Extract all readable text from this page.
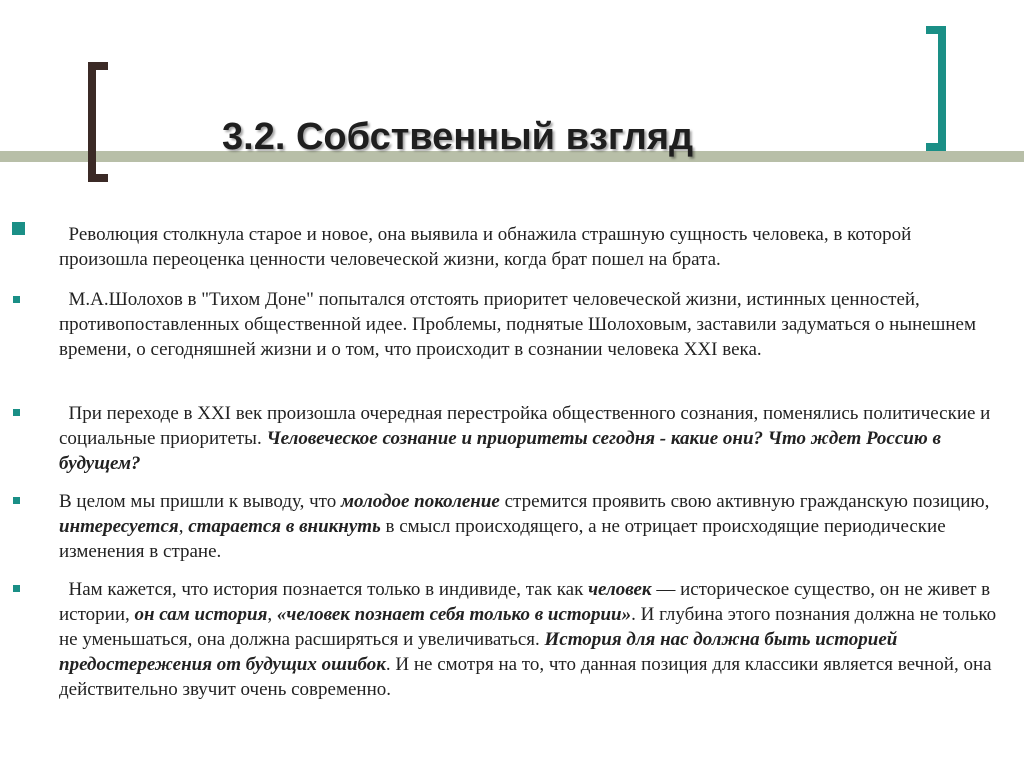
3.2. Собственный взгляд

Революция столкнула старое и новое, она выявила и обнажила страшную сущность человека, в которой произошла переоценка ценности человеческой жизни, когда брат пошел на брата.

М.А.Шолохов в "Тихом Доне" попытался отстоять приоритет человеческой жизни, истинных ценностей, противопоставленных общественной идее. Проблемы, поднятые Шолоховым, заставили задуматься о нынешнем времени, о сегодняшней жизни и о том, что происходит в сознании человека XXI века.

При переходе в XXI век произошла очередная перестройка общественного сознания, поменялись политические и социальные приоритеты. Человеческое сознание и приоритеты сегодня - какие они? Что ждет Россию в будущем?

В целом мы пришли к выводу, что молодое поколение стремится проявить свою активную гражданскую позицию, интересуется, старается в вникнуть в смысл происходящего, а не отрицает происходящие периодические изменения в стране.

Нам кажется, что история познается только в индивиде, так как человек — историческое существо, он не живет в истории, он сам история, «человек познает себя только в истории». И глубина этого познания должна не только не уменьшаться, она должна расширяться и увеличиваться. История для нас должна быть историей предостережения от будущих ошибок. И не смотря на то, что данная позиция для классики является вечной, она действительно звучит очень современно.
